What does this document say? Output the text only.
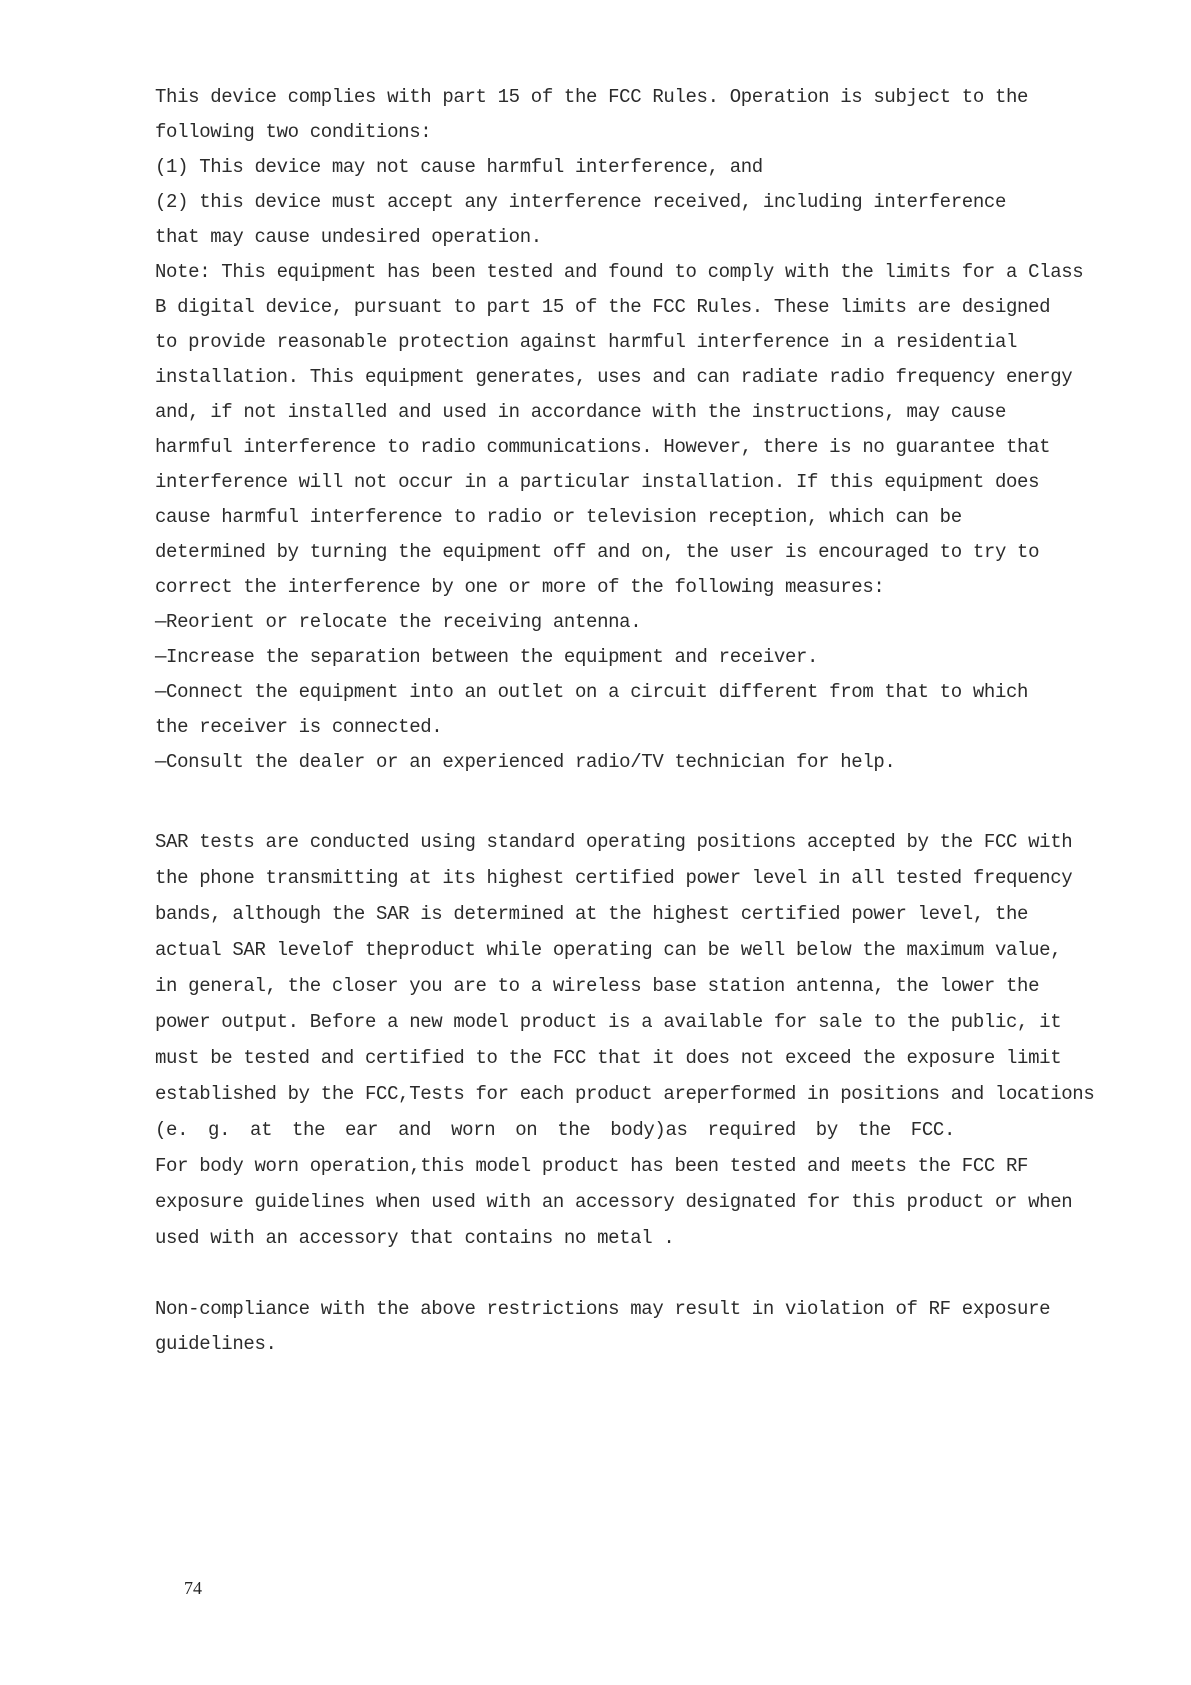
This device complies with part 15 of the FCC Rules. Operation is subject to the
following two conditions:
(1) This device may not cause harmful interference, and
(2) this device must accept any interference received, including interference
that may cause undesired operation.
Note: This equipment has been tested and found to comply with the limits for a Class
B digital device, pursuant to part 15 of the FCC Rules. These limits are designed
to provide reasonable protection against harmful interference in a residential
installation. This equipment generates, uses and can radiate radio frequency energy
and, if not installed and used in accordance with the instructions, may cause
harmful interference to radio communications. However, there is no guarantee that
interference will not occur in a particular installation. If this equipment does
cause harmful interference to radio or television reception, which can be
determined by turning the equipment off and on, the user is encouraged to try to
correct the interference by one or more of the following measures:
—Reorient or relocate the receiving antenna.
—Increase the separation between the equipment and receiver.
—Connect the equipment into an outlet on a circuit different from that to which
the receiver is connected.
—Consult the dealer or an experienced radio/TV technician for help.
SAR tests are conducted using standard operating positions accepted by the FCC with
the phone transmitting at its highest certified power level in all tested frequency
bands, although the SAR is determined at the highest certified power level, the
actual SAR levelof theproduct while operating can be well below the maximum value,
in general, the closer you are to a wireless base station antenna, the lower the
power output. Before a new model product is a available for sale to the public, it
must be tested and certified to the FCC that it does not exceed the exposure limit
established by the FCC,Tests for each product areperformed in positions and locations
(e. g. at the ear and worn on the body)as required by the FCC.
For body worn operation,this model product has been tested and meets the FCC RF
exposure guidelines when used with an accessory designated for this product or when
used with an accessory that contains no metal .
Non-compliance with the above restrictions may result in violation of RF exposure
guidelines.
74
